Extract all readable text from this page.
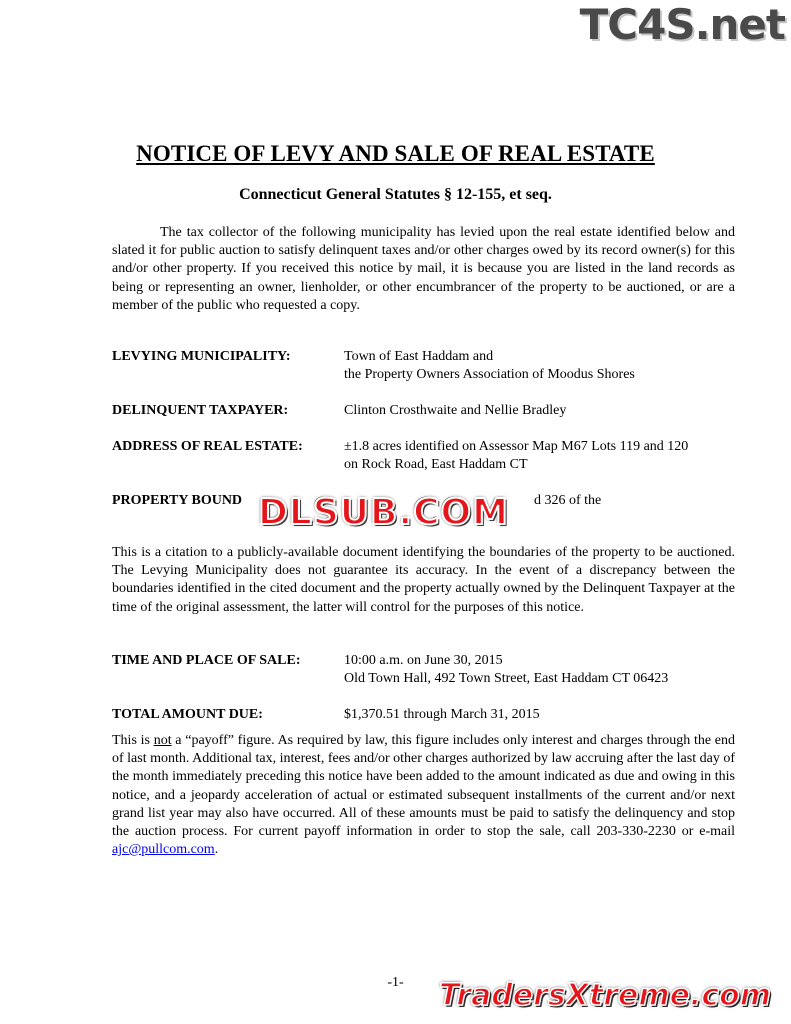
TC4S.net
NOTICE OF LEVY AND SALE OF REAL ESTATE
Connecticut General Statutes § 12-155, et seq.
The tax collector of the following municipality has levied upon the real estate identified below and slated it for public auction to satisfy delinquent taxes and/or other charges owed by its record owner(s) for this and/or other property. If you received this notice by mail, it is because you are listed in the land records as being or representing an owner, lienholder, or other encumbrancer of the property to be auctioned, or are a member of the public who requested a copy.
LEVYING MUNICIPALITY:	Town of East Haddam and
the Property Owners Association of Moodus Shores
DELINQUENT TAXPAYER:	Clinton Crosthwaite and Nellie Bradley
ADDRESS OF REAL ESTATE:	±1.8 acres identified on Assessor Map M67 Lots 119 and 120
on Rock Road, East Haddam CT
PROPERTY BOUND	d 326 of the
DLSUB.COM
This is a citation to a publicly-available document identifying the boundaries of the property to be auctioned. The Levying Municipality does not guarantee its accuracy. In the event of a discrepancy between the boundaries identified in the cited document and the property actually owned by the Delinquent Taxpayer at the time of the original assessment, the latter will control for the purposes of this notice.
TIME AND PLACE OF SALE:	10:00 a.m. on June 30, 2015
Old Town Hall, 492 Town Street, East Haddam CT 06423
TOTAL AMOUNT DUE:	$1,370.51 through March 31, 2015
This is not a “payoff” figure. As required by law, this figure includes only interest and charges through the end of last month. Additional tax, interest, fees and/or other charges authorized by law accruing after the last day of the month immediately preceding this notice have been added to the amount indicated as due and owing in this notice, and a jeopardy acceleration of actual or estimated subsequent installments of the current and/or next grand list year may also have occurred. All of these amounts must be paid to satisfy the delinquency and stop the auction process. For current payoff information in order to stop the sale, call 203-330-2230 or e-mail ajc@pullcom.com.
-1-	TradersXtreme.com
